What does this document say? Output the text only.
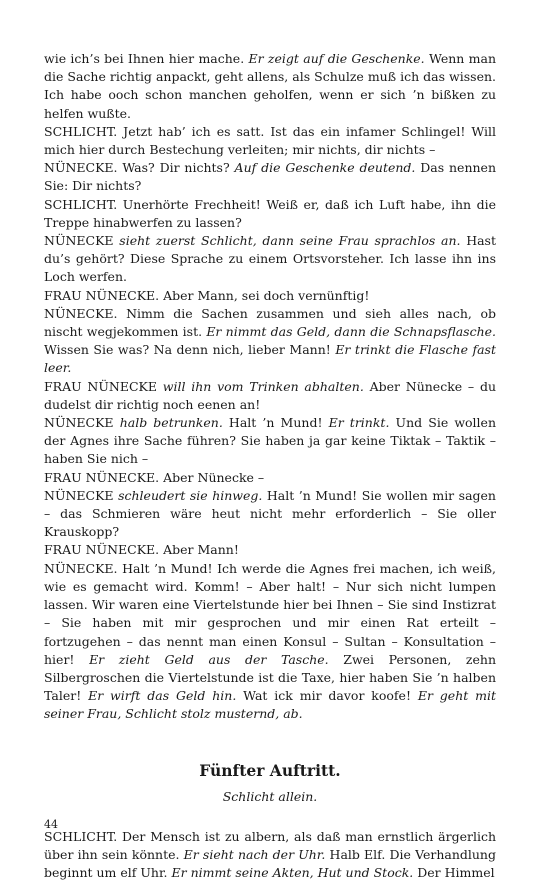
wie ich’s bei Ihnen hier mache. Er zeigt auf die Geschenke. Wenn man die Sache richtig anpackt, geht allens, als Schulze muß ich das wissen. Ich habe ooch schon manchen geholfen, wenn er sich ’n bißken zu helfen wußte.

SCHLICHT. Jetzt hab’ ich es satt. Ist das ein infamer Schlingel! Will mich hier durch Bestechung verleiten; mir nichts, dir nichts –

NÜNECKE. Was? Dir nichts? Auf die Geschenke deutend. Das nennen Sie: Dir nichts?

SCHLICHT. Unerhörte Frechheit! Weiß er, daß ich Luft habe, ihn die Treppe hinabwerfen zu lassen?

NÜNECKE sieht zuerst Schlicht, dann seine Frau sprachlos an. Hast du’s gehört? Diese Sprache zu einem Ortsvorsteher. Ich lasse ihn ins Loch werfen.

FRAU NÜNECKE. Aber Mann, sei doch vernünftig!

NÜNECKE. Nimm die Sachen zusammen und sieh alles nach, ob nischt wegjekommen ist. Er nimmt das Geld, dann die Schnapsflasche. Wissen Sie was? Na denn nich, lieber Mann! Er trinkt die Flasche fast leer.

FRAU NÜNECKE will ihn vom Trinken abhalten. Aber Nünecke – du dudelst dir richtig noch eenen an!

NÜNECKE halb betrunken. Halt ’n Mund! Er trinkt. Und Sie wollen der Agnes ihre Sache führen? Sie haben ja gar keine Tiktak – Taktik – haben Sie nich –

FRAU NÜNECKE. Aber Nünecke –

NÜNECKE schleudert sie hinweg. Halt ’n Mund! Sie wollen mir sagen – das Schmieren wäre heut nicht mehr erforderlich – Sie oller Krauskopp?

FRAU NÜNECKE. Aber Mann!

NÜNECKE. Halt ’n Mund! Ich werde die Agnes frei machen, ich weiß, wie es gemacht wird. Komm! – Aber halt! – Nur sich nicht lumpen lassen. Wir waren eine Viertelstunde hier bei Ihnen – Sie sind Instizrat – Sie haben mit mir gesprochen und mir einen Rat erteilt – fortzugehen – das nennt man einen Konsul – Sultan – Konsultation – hier! Er zieht Geld aus der Tasche. Zwei Personen, zehn Silbergroschen die Viertelstunde ist die Taxe, hier haben Sie ’n halben Taler! Er wirft das Geld hin. Wat ick mir davor koofe! Er geht mit seiner Frau, Schlicht stolz musternd, ab.

Fünfter Auftritt.
Schlicht allein.

SCHLICHT. Der Mensch ist zu albern, als daß man ernstlich ärgerlich über ihn sein könnte. Er sieht nach der Uhr. Halb Elf. Die Verhandlung beginnt um elf Uhr. Er nimmt seine Akten, Hut und Stock. Der Himmel

44
